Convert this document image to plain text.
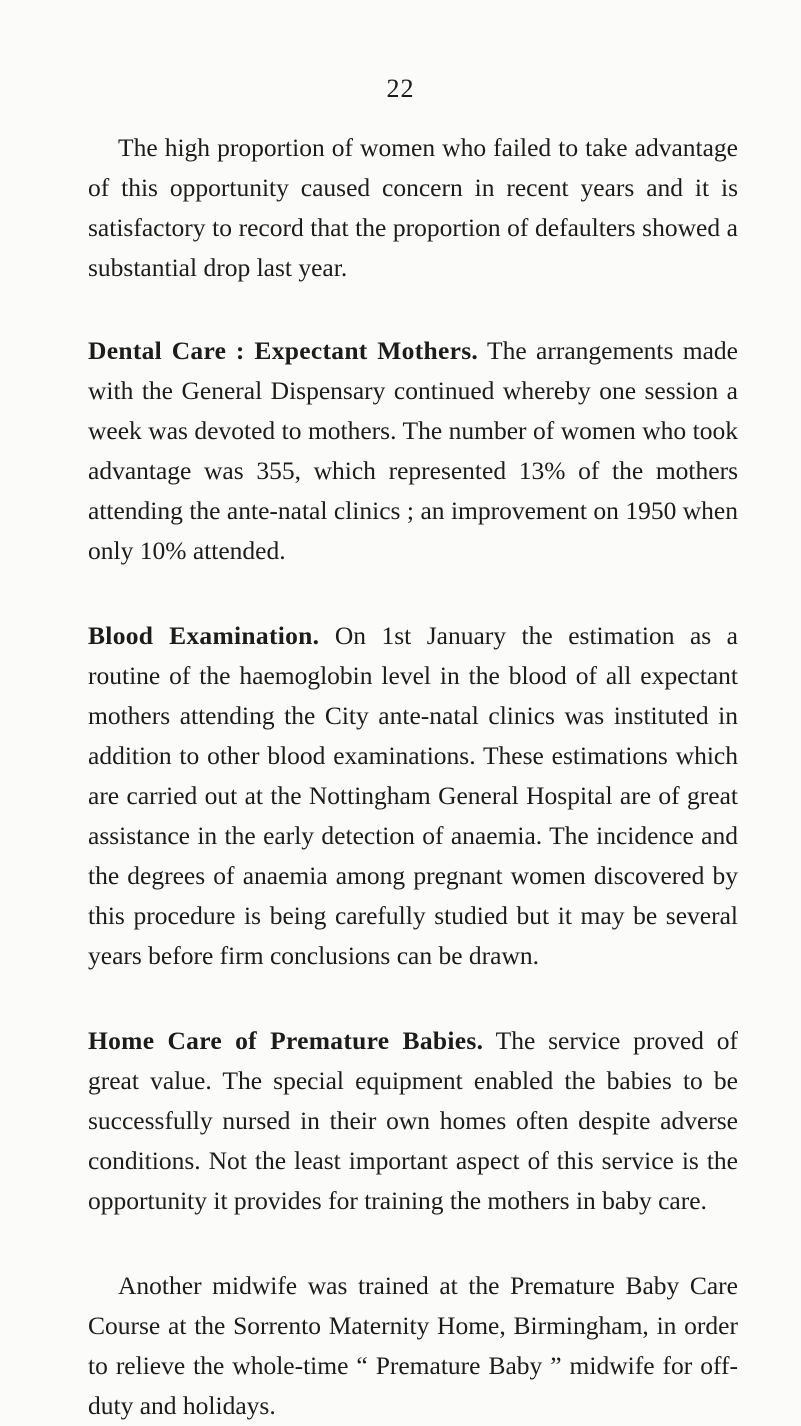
22

The high proportion of women who failed to take advantage of this opportunity caused concern in recent years and it is satisfactory to record that the proportion of defaulters showed a substantial drop last year.

Dental Care : Expectant Mothers. The arrangements made with the General Dispensary continued whereby one session a week was devoted to mothers. The number of women who took advantage was 355, which represented 13% of the mothers attending the ante-natal clinics ; an improvement on 1950 when only 10% attended.

Blood Examination. On 1st January the estimation as a routine of the haemoglobin level in the blood of all expectant mothers attending the City ante-natal clinics was instituted in addition to other blood examinations. These estimations which are carried out at the Nottingham General Hospital are of great assistance in the early detection of anaemia. The incidence and the degrees of anaemia among pregnant women discovered by this procedure is being carefully studied but it may be several years before firm conclusions can be drawn.

Home Care of Premature Babies. The service proved of great value. The special equipment enabled the babies to be successfully nursed in their own homes often despite adverse conditions. Not the least important aspect of this service is the opportunity it provides for training the mothers in baby care.

Another midwife was trained at the Premature Baby Care Course at the Sorrento Maternity Home, Birmingham, in order to relieve the whole-time “ Premature Baby ” midwife for off-duty and holidays.
